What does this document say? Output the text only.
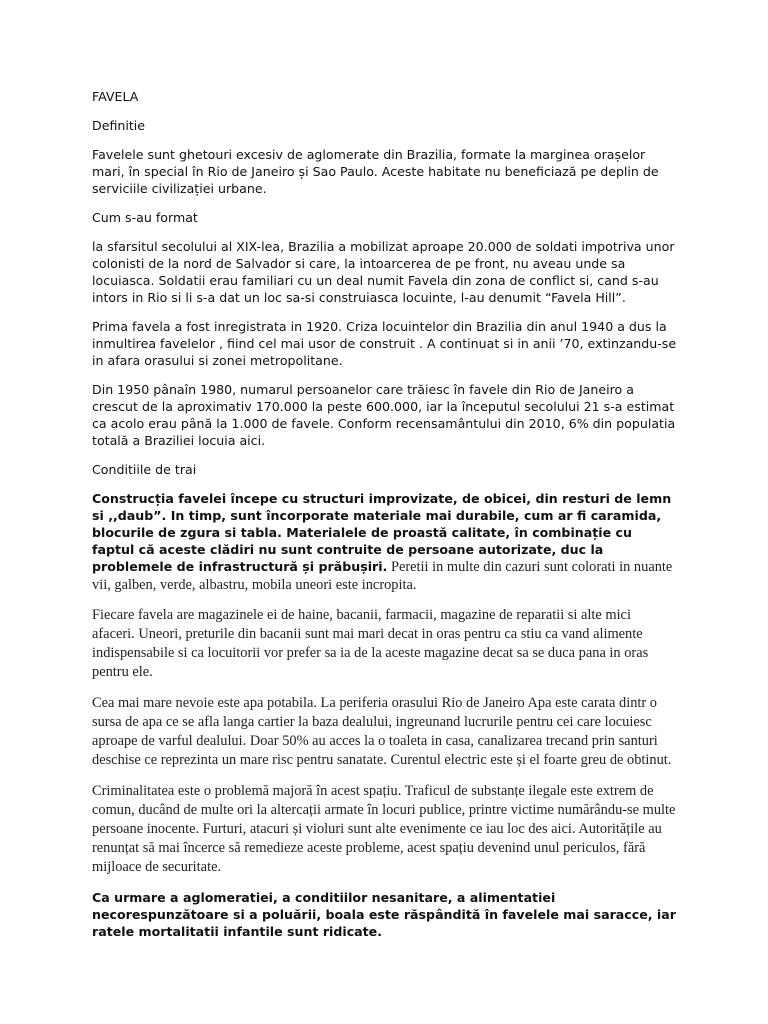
FAVELA
Definitie

Favelele sunt ghetouri excesiv de aglomerate din Brazilia, formate la marginea orașelor mari, în special în Rio de Janeiro și Sao Paulo. Aceste habitate nu beneficiază pe deplin de serviciile civilizației urbane.

Cum s-au format

la sfarsitul secolului al XIX-lea, Brazilia a mobilizat aproape 20.000 de soldati impotriva unor colonisti de la nord de Salvador si care, la intoarcerea de pe front, nu aveau unde sa locuiasca. Soldatii erau familiari cu un deal numit Favela din zona de conflict si, cand s-au intors in Rio si li s-a dat un loc sa-si construiasca locuinte, l-au denumit “Favela Hill”.

Prima favela a fost inregistrata in 1920. Criza locuintelor din Brazilia din anul 1940 a dus la inmultirea favelelor , fiind cel mai usor de construit . A continuat si in anii ’70, extinzandu-se in afara orasului si zonei metropolitane.

Din 1950 pânaîn 1980, numarul persoanelor care trăiesc în favele din Rio de Janeiro a crescut de la aproximativ 170.000 la peste 600.000, iar la începutul secolului 21 s-a estimat ca acolo erau până la 1.000 de favele. Conform recensamântului din 2010, 6% din populatia totală a Braziliei locuia aici.

Conditiile de trai

Construcția favelei începe cu structuri improvizate, de obicei, din resturi de lemn si ,,daub”. In timp, sunt încorporate materiale mai durabile, cum ar fi caramida, blocurile de zgura si tabla. Materialele de proastă calitate, în combinație cu faptul că aceste clădiri nu sunt contruite de persoane autorizate, duc la problemele de infrastructură și prăbușiri. Peretii in multe din cazuri sunt colorati in nuante vii, galben, verde, albastru, mobila uneori este incropita.

Fiecare favela are magazinele ei de haine, bacanii, farmacii, magazine de reparatii si alte mici afaceri. Uneori, preturile din bacanii sunt mai mari decat in oras pentru ca stiu ca vand alimente indispensabile si ca locuitorii vor prefer sa ia de la aceste magazine decat sa se duca pana in oras pentru ele.

Cea mai mare nevoie este apa potabila. La periferia orasului Rio de Janeiro Apa este carata dintr o sursa de apa ce se afla langa cartier la baza dealului, ingreunand lucrurile pentru cei care locuiesc aproape de varful dealului. Doar 50% au acces la o toaleta in casa, canalizarea trecand prin santuri deschise ce reprezinta un mare risc pentru sanatate. Curentul electric este și el foarte greu de obtinut.

Criminalitatea este o problemă majoră în acest spațiu. Traficul de substanțe ilegale este extrem de comun, ducând de multe ori la altercații armate în locuri publice, printre victime numărându-se multe persoane inocente. Furturi, atacuri și violuri sunt alte evenimente ce iau loc des aici. Autoritățile au renunțat să mai încerce să remedieze aceste probleme, acest spațiu devenind unul periculos, fără mijloace de securitate.

Ca urmare a aglomeratiei, a conditiilor nesanitare, a alimentatiei necorespunzătoare si a poluării, boala este răspândită în favelele mai saracce, iar ratele mortalitatii infantile sunt ridicate.
